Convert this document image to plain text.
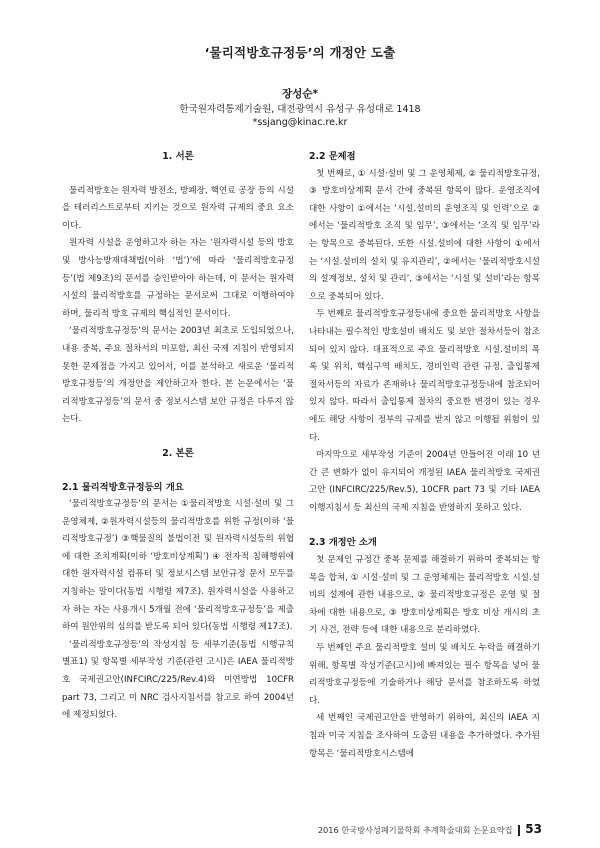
‘물리적방호규정등’의 개정안 도출
장성순*
한국원자력통제기술원, 대전광역시 유성구 유성대로 1418
*ssjang@kinac.re.kr

1. 서론

물리적방호는 원자력 발전소, 방폐장, 핵연료 공장 등의 시설을 테러리스트로부터 지키는 것으로 원자력 규제의 중요 요소이다.

원자력 시설을 운영하고자 하는 자는 ‘원자력시설 등의 방호 및 방사능방재대책법(이하 ‘법’)’에 따라 ‘물리적방호규정등’(법 제9조)의 문서를 승인받아야 하는데, 이 문서는 원자력 시설의 물리적방호를 규정하는 문서로써 그대로 이행하여야 하며, 물리적 방호 규제의 핵심적인 문서이다.

‘물리적방호규정등’의 문서는 2003년 최초로 도입되었으나, 내용 중복, 주요 절차서의 미포함, 최신 국제 지침이 반영되지 못한 문제점을 가지고 있어서, 이를 분석하고 새로운 ‘물리적방호규정등’의 개정안을 제안하고자 한다. 본 논문에서는 ‘물리적방호규정등’의 문서 중 정보시스템 보안 규정은 다루지 않는다.

2. 본론

2.1 물리적방호규정등의 개요

‘물리적방호규정등’의 문서는 ①물리적방호 시설·설비 및 그 운영체제, ②원자력시설등의 물리적방호를 위한 규정(이하 ‘물리적방호규정’) ③핵물질의 불법이전 및 원자력시설등의 위협에 대한 조치계획(이하 ‘방호비상계획’) ④ 전자적 침해행위에 대한 원자력시설 컴퓨터 및 정보시스템 보안규정 문서 모두를 지칭하는 말이다(동법 시행령 제7조). 원자력시설을 사용하고자 하는 자는 사용개시 5개월 전에 ‘물리적방호규정등’을 제출하여 원안위의 심의를 받도록 되어 있다(동법 시행령 제17조).

‘물리적방호규정등’의 작성지침 등 세부기준(동법 시행규칙 별표1) 및 항목별 세부작성 기준(관련 고시)은 IAEA 물리적방호 국제권고안(INFCIRC/225/Rev.4)와 미연방법 10CFR part 73, 그리고 미 NRC 검사지침서를 참고로 하여 2004년에 제정되었다.

2.2 문제점

첫 번째로, ① 시설·설비 및 그 운영체제, ② 물리적방호규정, ③ 방호비상계획 문서 간에 중복된 항목이 많다. 운영조직에 대한 사항이 ①에서는 ‘시설.설비의 운영조직 및 인력’으로 ②에서는 ‘물리적방호 조직 및 임무’, ③에서는 ‘조직 및 임무’라는 항목으로 중복된다. 또한 시설.설비에 대한 사항이 ①에서는 ‘시설.설비의 설치 및 유지관리’, ②에서는 ‘물리적방호시설의 설계정보, 설치 및 관리’, ③에서는 ‘시설 및 설비’라는 항목으로 중복되어 있다.

두 번째로 물리적방호규정등내에 중요한 물리적방호 사항을 나타내는 필수적인 방호설비 배치도 및 보안 절차서등이 참조되어 있지 않다. 대표적으로 주요 물리적방호 시설.설비의 목록 및 위치, 핵심구역 배치도, 경비인력 관련 규정, 출입통제 절차서등의 자료가 존재하나 물리적방호규정등내에 참조되어 있지 않다. 따라서 출입통제 절차의 중요한 변경이 있는 경우에도 해당 사항이 정부의 규제를 받지 않고 이행될 위험이 있다.

마지막으로 세부작성 기준이 2004년 만들어진 이래 10 년간 큰 변화가 없이 유지되어 개정된 IAEA 물리적방호 국제권고안 (INFCIRC/225/Rev.5), 10CFR part 73 및 기타 IAEA 이행지침서 등 최신의 국제 지침을 반영하지 못하고 있다.

2.3 개정안 소개

첫 문제인 규정간 중복 문제를 해결하기 위하여 중복되는 항목을 합쳐, ① 시설·설비 및 그 운영체제는 물리적방호 시설.설비의 설계에 관한 내용으로, ② 물리적방호규정은 운영 및 절차에 대한 내용으로, ③ 방호비상계획은 방호 비상 개시의 초기 사건, 전략 등에 대한 내용으로 분리하였다.

두 번째인 주요 물리적방호 설비 및 배치도 누락을 해결하기 위해, 항목별 작성기준(고시)에 빠져있는 필수 항목을 넣어 물리적방호규정등에 기술하거나 해당 문서를 참조하도록 하였다.

세 번째인 국제권고안을 반영하기 위하여, 최신의 IAEA 지침과 미국 지침을 조사하여 도출된 내용을 추가하였다. 추가된 항목은 ‘물리적방호시스템에

2016 한국방사성폐기물학회 추계학술대회 논문요약집 53
